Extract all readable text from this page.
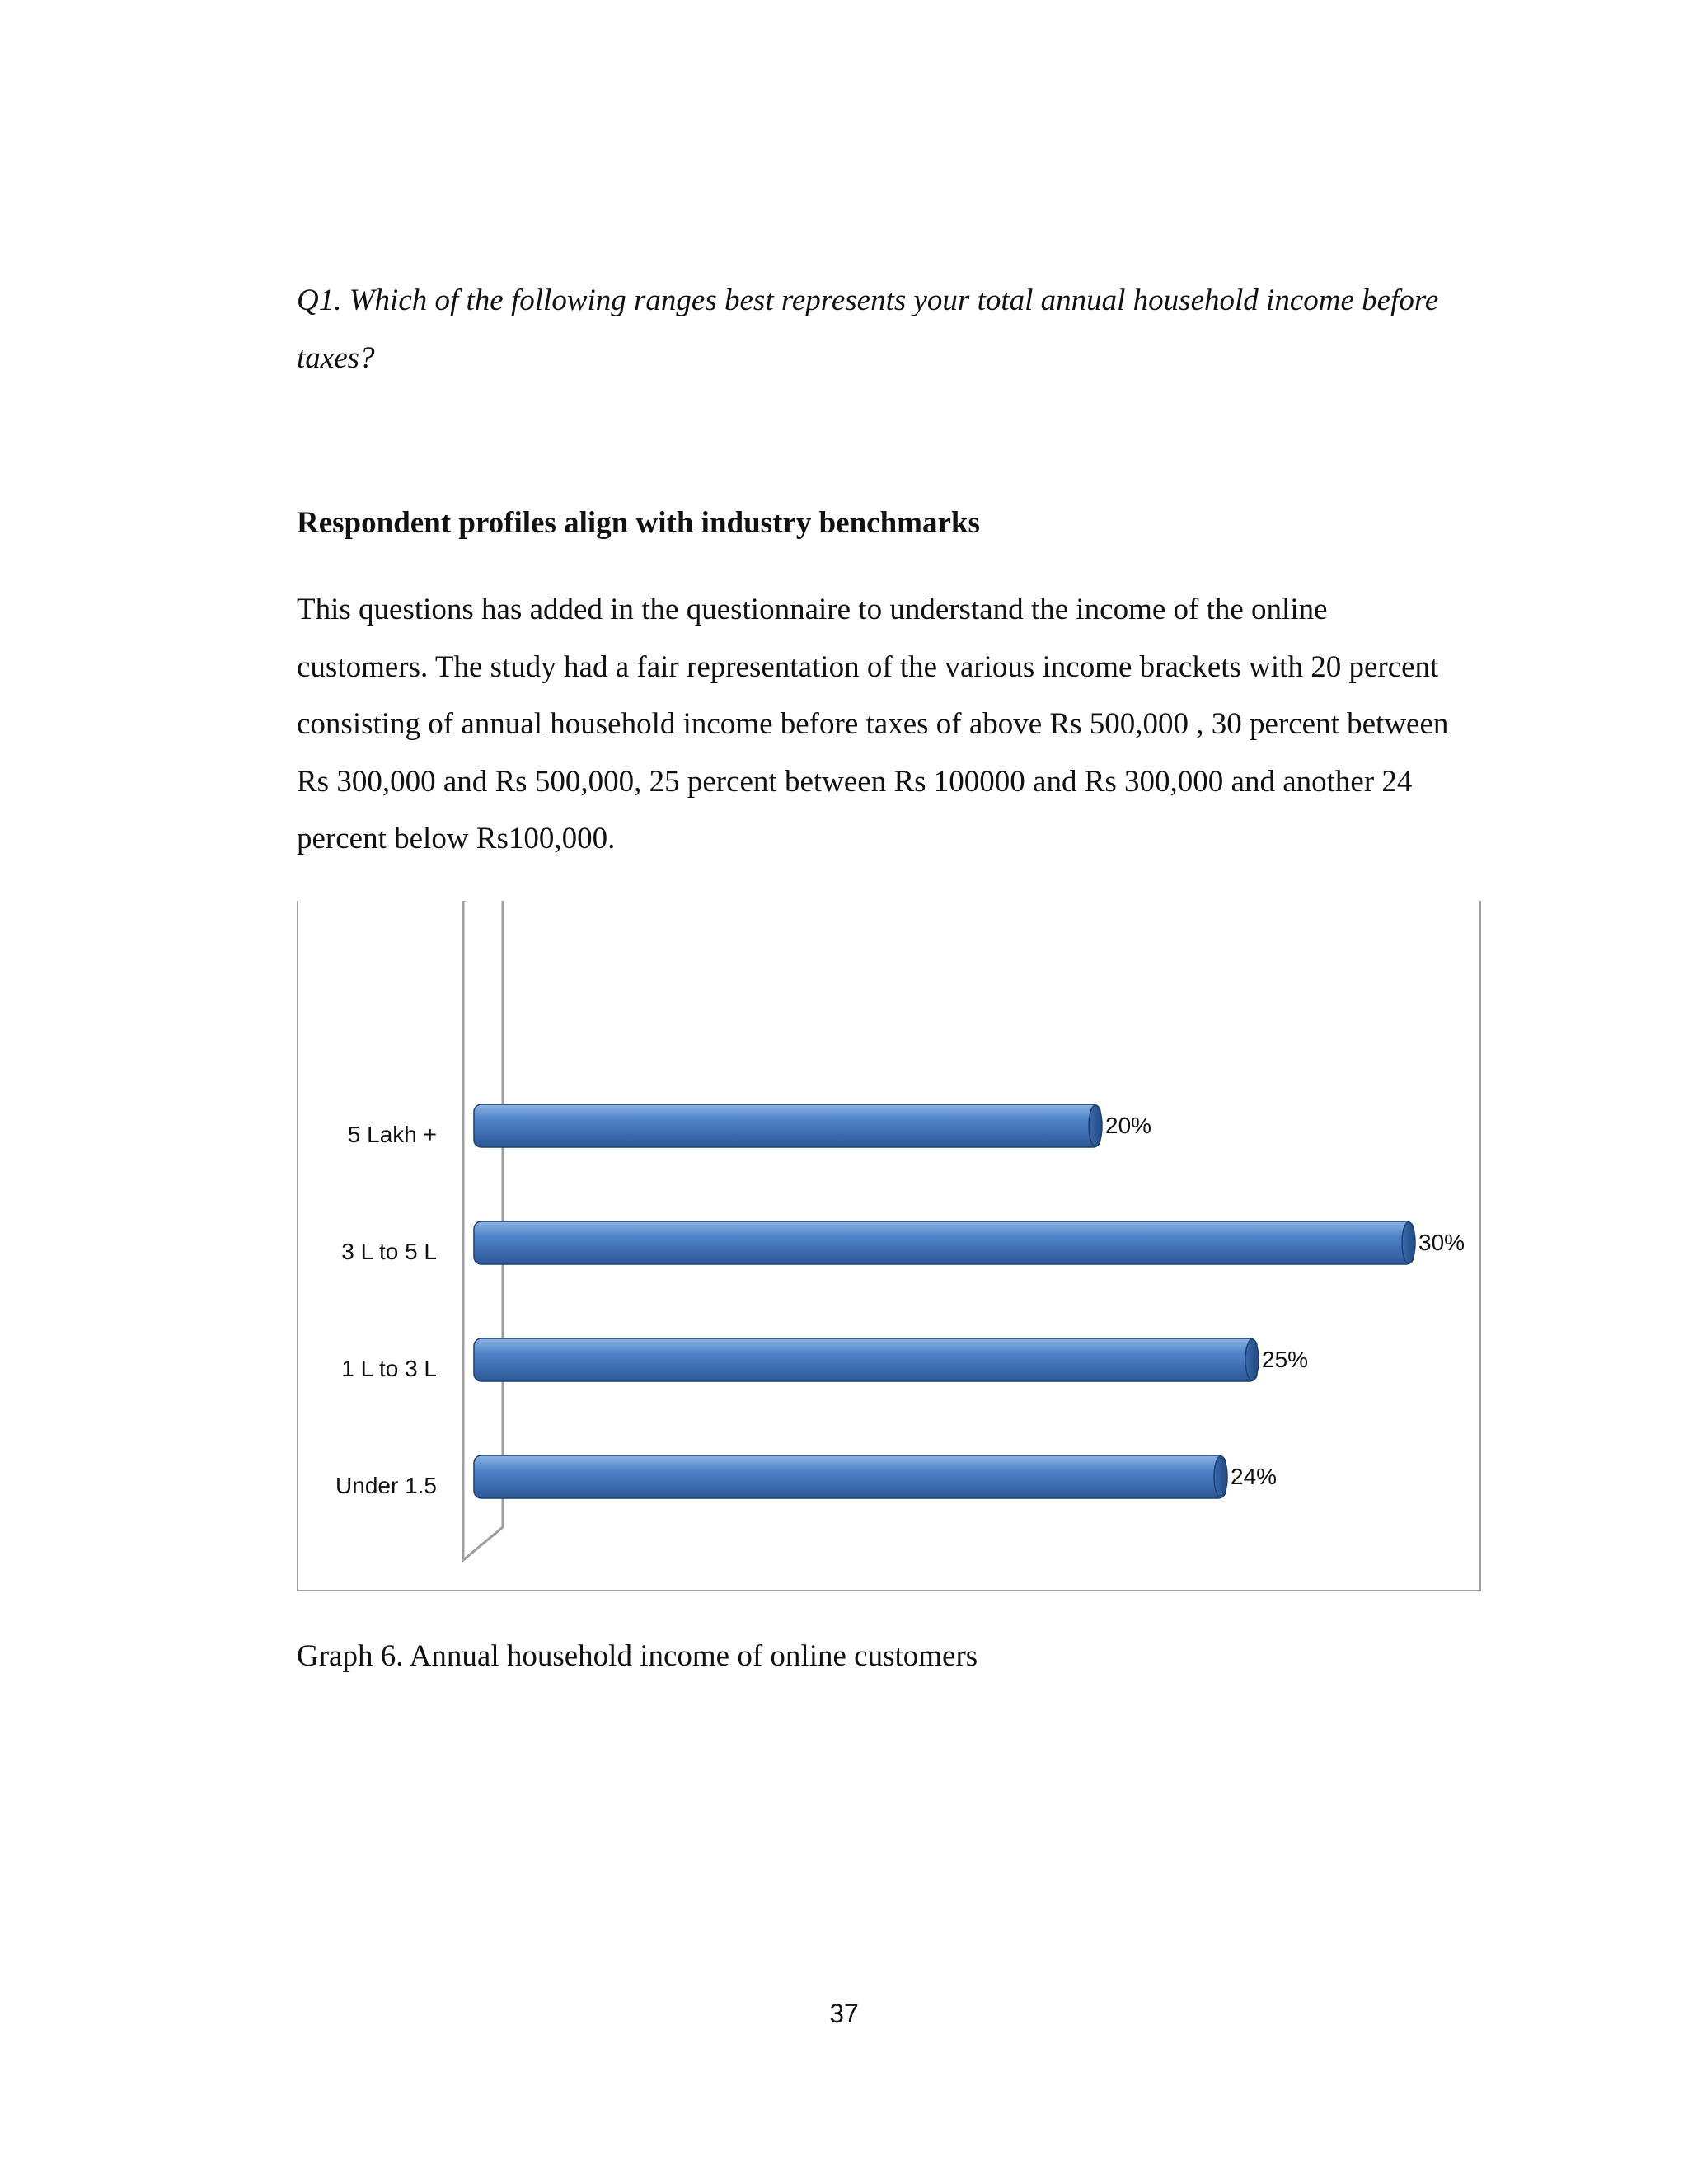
Q1. Which of the following ranges best represents your total annual household income before taxes?
Respondent profiles align with industry benchmarks
This questions has added in the questionnaire to understand the income of the online customers. The study had a fair representation of the various income brackets with 20 percent consisting of annual household income before taxes of above Rs 500,000 , 30 percent between Rs 300,000 and Rs 500,000, 25 percent between Rs 100000 and Rs 300,000 and another 24 percent below Rs100,000.
5 Lakh +	20%
3 L to 5 L	30%
1 L to 3 L	25%
Under 1.5	24%
Graph 6. Annual household income of online customers
37
